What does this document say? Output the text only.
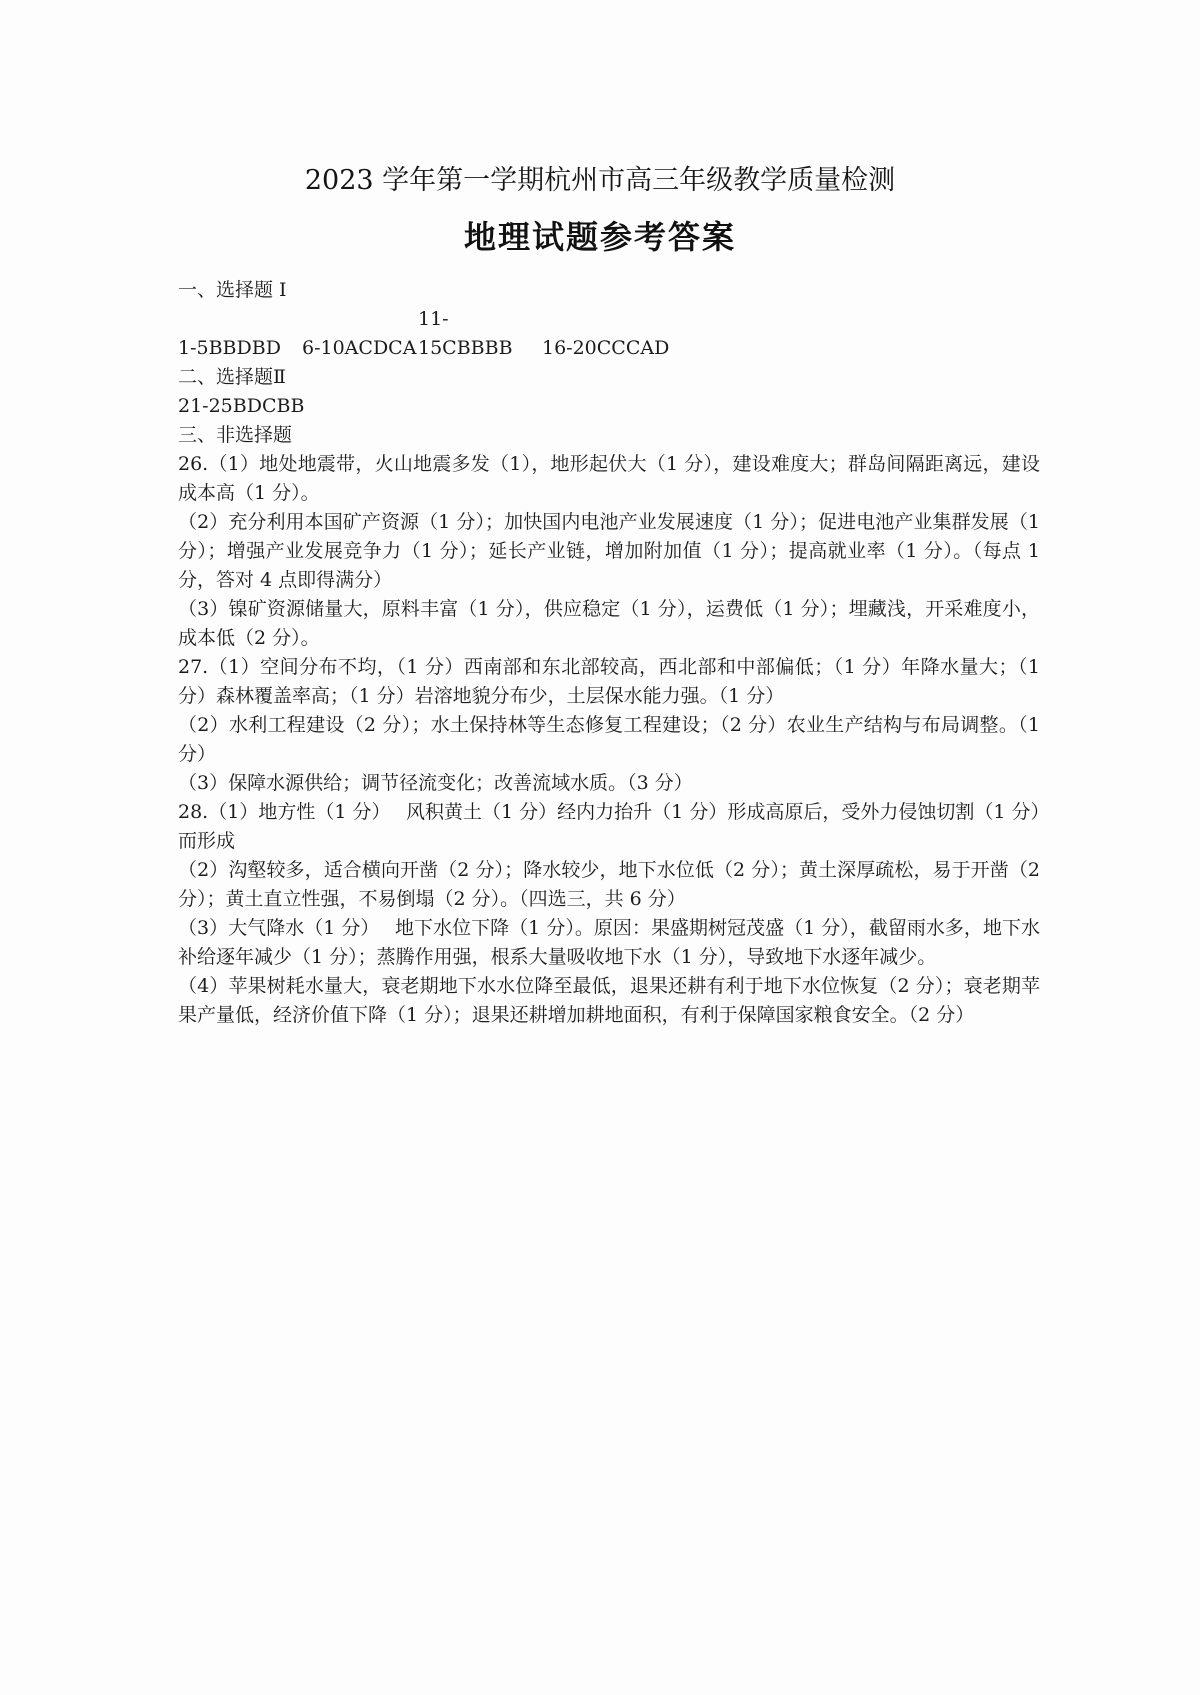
2023 学年第一学期杭州市高三年级教学质量检测
地理试题参考答案

一、选择题 I

1-5BBDBD 6-10ACDCA11-15CBBBB 16-20CCCAD

二、选择题Ⅱ

21-25BDCBB

三、非选择题

26.（1）地处地震带，火山地震多发（1），地形起伏大（1 分），建设难度大；群岛间隔距离远，建设成本高（1 分）。

（2）充分利用本国矿产资源（1 分）；加快国内电池产业发展速度（1 分）；促进电池产业集群发展（1 分）；增强产业发展竞争力（1 分）；延长产业链，增加附加值（1 分）；提高就业率（1 分）。（每点 1 分，答对 4 点即得满分）

（3）镍矿资源储量大，原料丰富（1 分），供应稳定（1 分），运费低（1 分）；埋藏浅，开采难度小，成本低（2 分）。

27.（1）空间分布不均，（1 分）西南部和东北部较高，西北部和中部偏低；（1 分）年降水量大；（1 分）森林覆盖率高；（1 分）岩溶地貌分布少，土层保水能力强。（1 分）

（2）水利工程建设（2 分）；水土保持林等生态修复工程建设；（2 分）农业生产结构与布局调整。（1 分）

（3）保障水源供给；调节径流变化；改善流域水质。（3 分）

28.（1）地方性（1 分）　 风积黄土（1 分）经内力抬升（1 分）形成高原后，受外力侵蚀切割（1 分）而形成

（2）沟壑较多，适合横向开凿（2 分）；降水较少，地下水位低（2 分）；黄土深厚疏松，易于开凿（2 分）；黄土直立性强，不易倒塌（2 分）。（四选三，共 6 分）

（3）大气降水（1 分）　 地下水位下降（1 分）。原因：果盛期树冠茂盛（1 分），截留雨水多，地下水补给逐年减少（1 分）；蒸腾作用强，根系大量吸收地下水（1 分），导致地下水逐年减少。

（4）苹果树耗水量大，衰老期地下水水位降至最低，退果还耕有利于地下水位恢复（2 分）；衰老期苹果产量低，经济价值下降（1 分）；退果还耕增加耕地面积，有利于保障国家粮食安全。（2 分）
